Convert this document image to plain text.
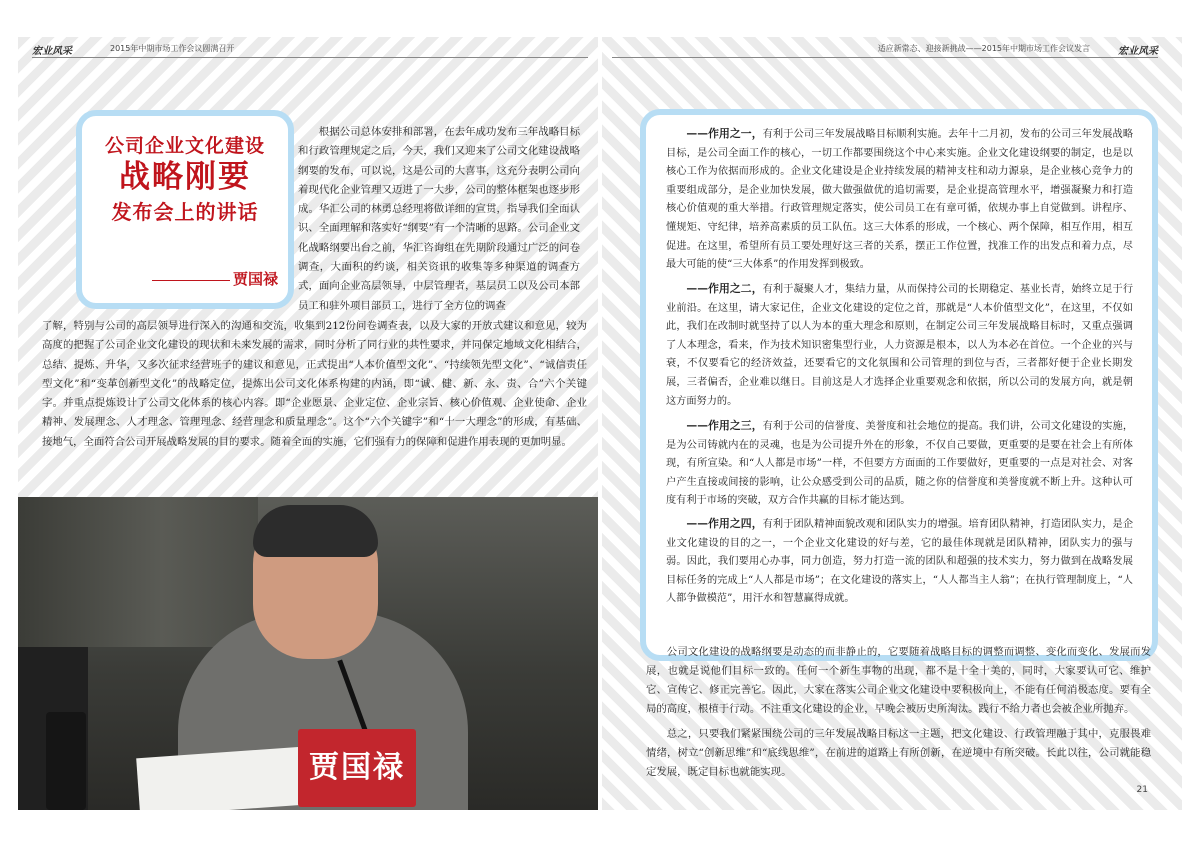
宏业风采	2015年中期市场工作会议圆满召开
公司企业文化建设
战略刚要
发布会上的讲话
贾国禄

根据公司总体安排和部署，在去年成功发布三年战略目标和行政管理规定之后，今天，我们又迎来了公司文化建设战略纲要的发布，可以说，这是公司的大喜事，这充分表明公司向着现代化企业管理又迈进了一大步，公司的整体框架也逐步形成。华汇公司的林勇总经理将做详细的宣贯，指导我们全面认识、全面理解和落实好“纲要”有一个清晰的思路。公司企业文化战略纲要出台之前，华汇咨询组在先期阶段通过广泛的问卷调查，大面积的约谈，相关资讯的收集等多种渠道的调查方式，面向企业高层领导，中层管理者，基层员工以及公司本部员工和驻外项目部员工，进行了全方位的调查

了解，特别与公司的高层领导进行深入的沟通和交流，收集到212份问卷调查表，以及大家的开放式建议和意见，较为高度的把握了公司企业文化建设的现状和未来发展的需求，同时分析了同行业的共性要求，并同保定地域文化相结合，总结、提炼、升华，又多次征求经营班子的建议和意见，正式提出“人本价值型文化”、“持续领先型文化”、“诚信责任型文化”和“变革创新型文化”的战略定位，提炼出公司文化体系构建的内涵，即“诚、健、新、永、责、合”六个关键字。并重点提炼设计了公司文化体系的核心内容。即“企业愿景、企业定位、企业宗旨、核心价值观、企业使命、企业精神、发展理念、人才理念、管理理念、经营理念和质量理念”。这个“六个关键字”和“十一大理念”的形成，有基础、接地气，全面符合公司开展战略发展的目的要求。随着全面的实施，它们强有力的保障和促进作用表现的更加明显。

贾国禄
适应新常态、迎接新挑战——2015年中期市场工作会议发言	宏业风采

——作用之一，有利于公司三年发展战略目标顺利实施。去年十二月初，发布的公司三年发展战略目标，是公司全面工作的核心，一切工作都要围绕这个中心来实施。企业文化建设纲要的制定，也是以核心工作为依据而形成的。企业文化建设是企业持续发展的精神支柱和动力源泉，是企业核心竞争力的重要组成部分，是企业加快发展，做大做强做优的追切需要，是企业提高管理水平，增强凝聚力和打造核心价值观的重大举措。行政管理规定落实，使公司员工在有章可循，依规办事上自觉做到。讲程序、懂规矩、守纪律，培养高素质的员工队伍。这三大体系的形成，一个核心、两个保障，相互作用，相互促进。在这里，希望所有员工要处理好这三者的关系，摆正工作位置，找准工作的出发点和着力点，尽最大可能的使“三大体系”的作用发挥到极致。

——作用之二，有利于凝聚人才，集结力量，从而保持公司的长期稳定、基业长青，始终立足于行业前沿。在这里，请大家记住，企业文化建设的定位之首，那就是“人本价值型文化”，在这里，不仅如此，我们在改制时就坚持了以人为本的重大理念和原则，在制定公司三年发展战略目标时，又重点强调了人本理念，看来，作为技术知识密集型行业，人力资源是根本，以人为本必在首位。一个企业的兴与衰，不仅要看它的经济效益，还要看它的文化氛围和公司管理的到位与否，三者都好便于企业长期发展，三者偏否，企业难以继日。目前这是人才选择企业重要观念和依据，所以公司的发展方向，就是朝这方面努力的。

——作用之三，有利于公司的信誉度、美誉度和社会地位的提高。我们讲，公司文化建设的实施，是为公司铸就内在的灵魂，也是为公司提升外在的形象，不仅自己要做，更重要的是要在社会上有所体现，有所宣染。和“人人都是市场”一样，不但要方方面面的工作要做好，更重要的一点是对社会、对客户产生直接或间接的影响，让公众感受到公司的品质，随之你的信誉度和美誉度就不断上升。这种认可度有利于市场的突破，双方合作共赢的目标才能达到。

——作用之四，有利于团队精神面貌改观和团队实力的增强。培育团队精神，打造团队实力，是企业文化建设的目的之一，一个企业文化建设的好与差，它的最佳体现就是团队精神，团队实力的强与弱。因此，我们要用心办事，同力创造，努力打造一流的团队和超强的技术实力，努力做到在战略发展目标任务的完成上“人人都是市场”；在文化建设的落实上，“人人都当主人翁”；在执行管理制度上，“人人都争做模范”，用汗水和智慧赢得成就。

公司文化建设的战略纲要是动态的而非静止的，它要随着战略目标的调整而调整、变化而变化、发展而发展，也就是说他们目标一致的。任何一个新生事物的出现，都不是十全十美的，同时，大家要认可它、维护它、宣传它、修正完善它。因此，大家在落实公司企业文化建设中要积极向上，不能有任何消极态度。要有全局的高度，根植于行动。不注重文化建设的企业，早晚会被历史所淘汰。践行不给力者也会被企业所抛弃。

总之，只要我们紧紧围绕公司的三年发展战略目标这一主题，把文化建设、行政管理融于其中，克服畏难情绪，树立“创新思维”和“底线思维”，在前进的道路上有所创新，在逆境中有所突破。长此以往，公司就能稳定发展，既定目标也就能实现。

21
